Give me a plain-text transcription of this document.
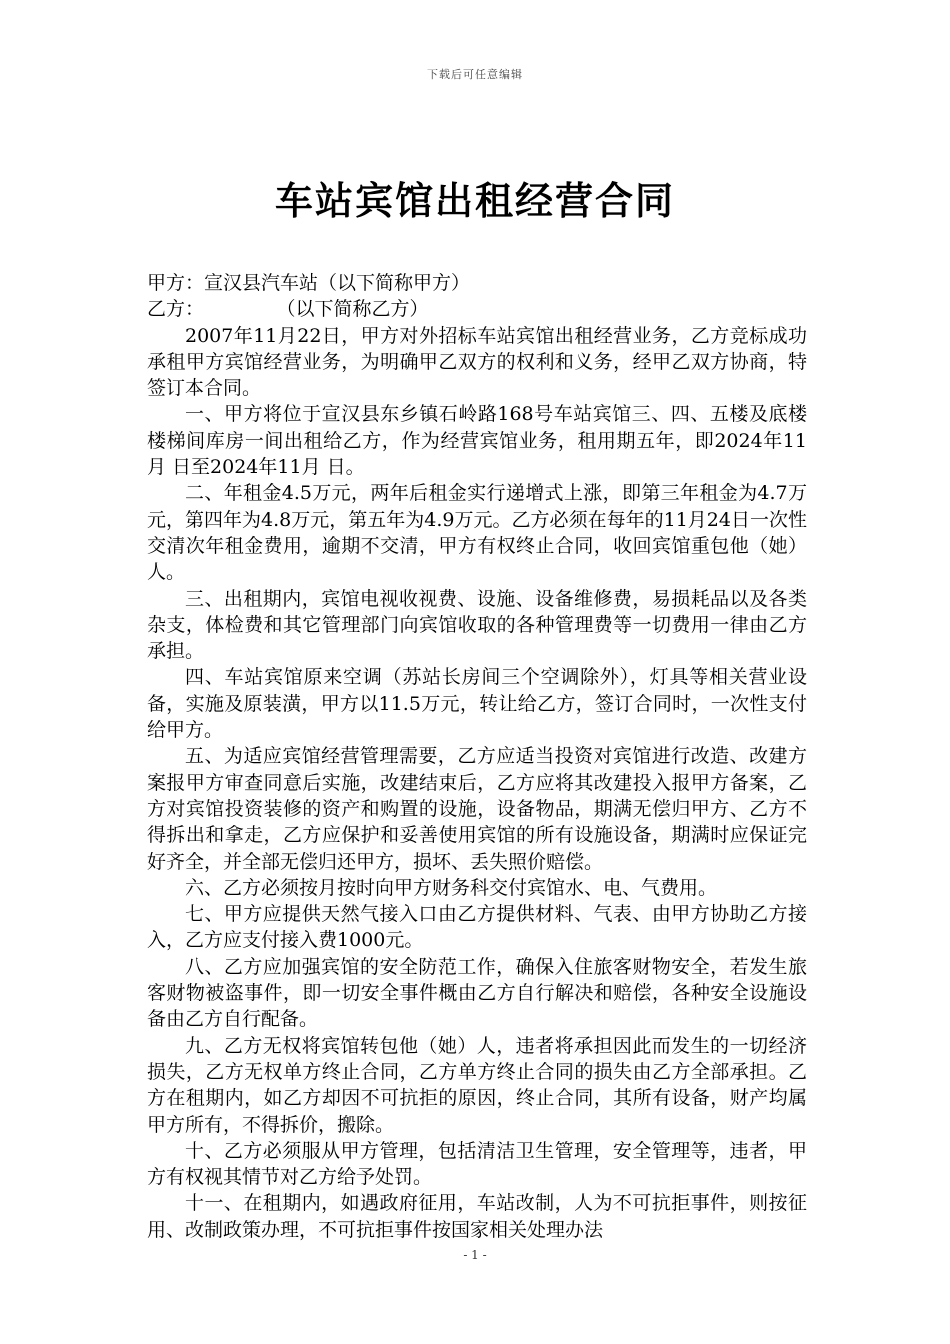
下载后可任意编辑
车站宾馆出租经营合同

甲方：宣汉县汽车站（以下简称甲方）

乙方：            （以下简称乙方）

2007年11月22日，甲方对外招标车站宾馆出租经营业务，乙方竞标成功承租甲方宾馆经营业务，为明确甲乙双方的权利和义务，经甲乙双方协商，特签订本合同。

一、甲方将位于宣汉县东乡镇石岭路168号车站宾馆三、四、五楼及底楼楼梯间库房一间出租给乙方，作为经营宾馆业务，租用期五年，即2024年11月 日至2024年11月 日。

二、年租金4.5万元，两年后租金实行递增式上涨，即第三年租金为4.7万元，第四年为4.8万元，第五年为4.9万元。乙方必须在每年的11月24日一次性交清次年租金费用，逾期不交清，甲方有权终止合同，收回宾馆重包他（她）人。

三、出租期内，宾馆电视收视费、设施、设备维修费，易损耗品以及各类杂支，体检费和其它管理部门向宾馆收取的各种管理费等一切费用一律由乙方承担。

四、车站宾馆原来空调（苏站长房间三个空调除外），灯具等相关营业设备，实施及原装潢，甲方以11.5万元，转让给乙方，签订合同时，一次性支付给甲方。

五、为适应宾馆经营管理需要，乙方应适当投资对宾馆进行改造、改建方案报甲方审查同意后实施，改建结束后，乙方应将其改建投入报甲方备案，乙方对宾馆投资装修的资产和购置的设施，设备物品，期满无偿归甲方、乙方不得拆出和拿走，乙方应保护和妥善使用宾馆的所有设施设备，期满时应保证完好齐全，并全部无偿归还甲方，损坏、丢失照价赔偿。

六、乙方必须按月按时向甲方财务科交付宾馆水、电、气费用。

七、甲方应提供天然气接入口由乙方提供材料、气表、由甲方协助乙方接入，乙方应支付接入费1000元。

八、乙方应加强宾馆的安全防范工作，确保入住旅客财物安全，若发生旅客财物被盗事件，即一切安全事件概由乙方自行解决和赔偿，各种安全设施设备由乙方自行配备。

九、乙方无权将宾馆转包他（她）人，违者将承担因此而发生的一切经济损失，乙方无权单方终止合同，乙方单方终止合同的损失由乙方全部承担。乙方在租期内，如乙方却因不可抗拒的原因，终止合同，其所有设备，财产均属甲方所有，不得拆价，搬除。

十、乙方必须服从甲方管理，包括清洁卫生管理，安全管理等，违者，甲方有权视其情节对乙方给予处罚。

十一、在租期内，如遇政府征用，车站改制，人为不可抗拒事件，则按征用、改制政策办理，不可抗拒事件按国家相关处理办法

- 1 -
